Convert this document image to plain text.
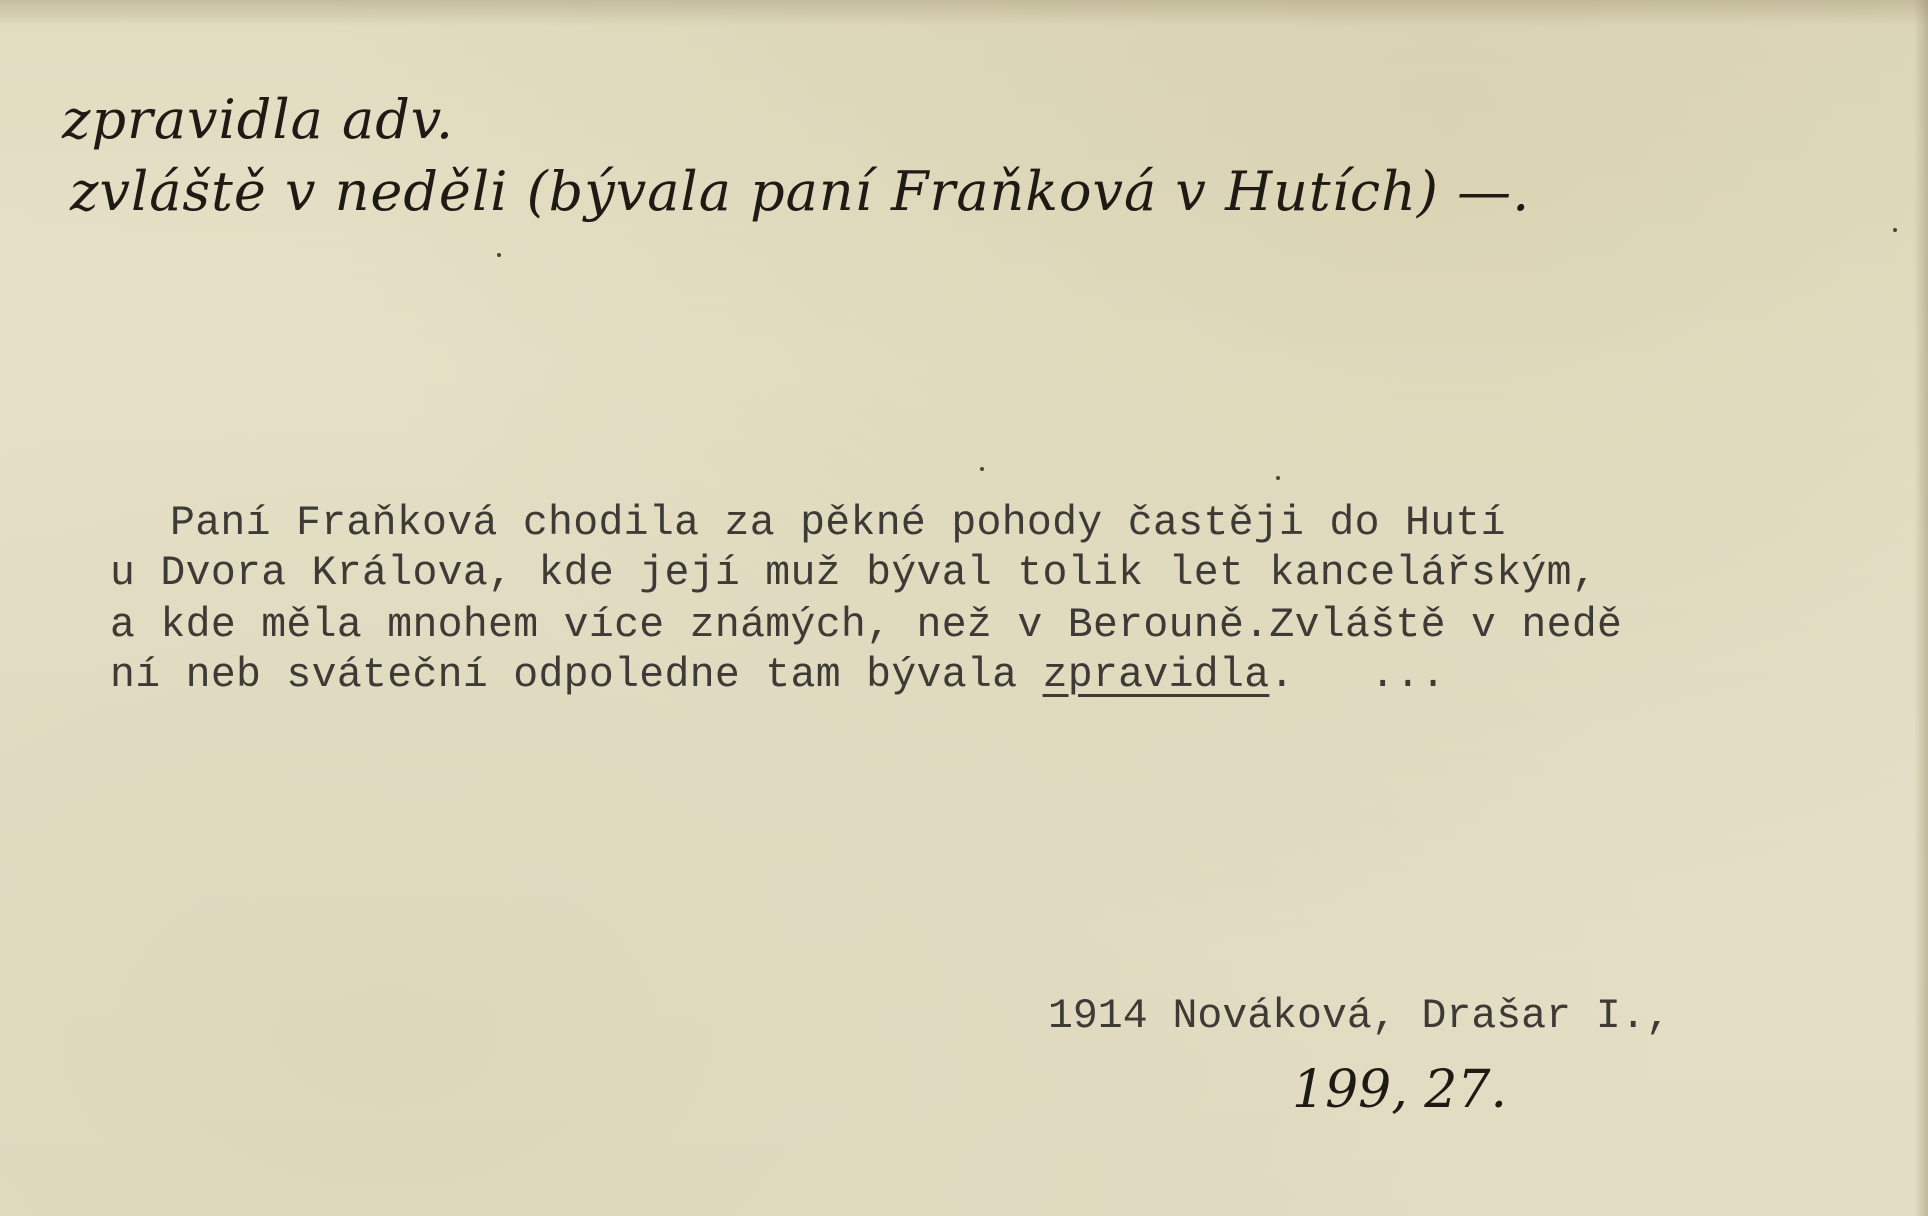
zpravidla adv.

zvláště v neděli (bývala paní Fraňková v Hutích) —.

Paní Fraňková chodila za pěkné pohody častěji do Hutí

u Dvora Králova, kde její muž býval tolik let kancelářským,

a kde měla mnohem více známých, než v Berouně.Zvláště v nedě

ní neb sváteční odpoledne tam bývala zpravidla.   ...

1914 Nováková, Drašar I.,

199, 27.
